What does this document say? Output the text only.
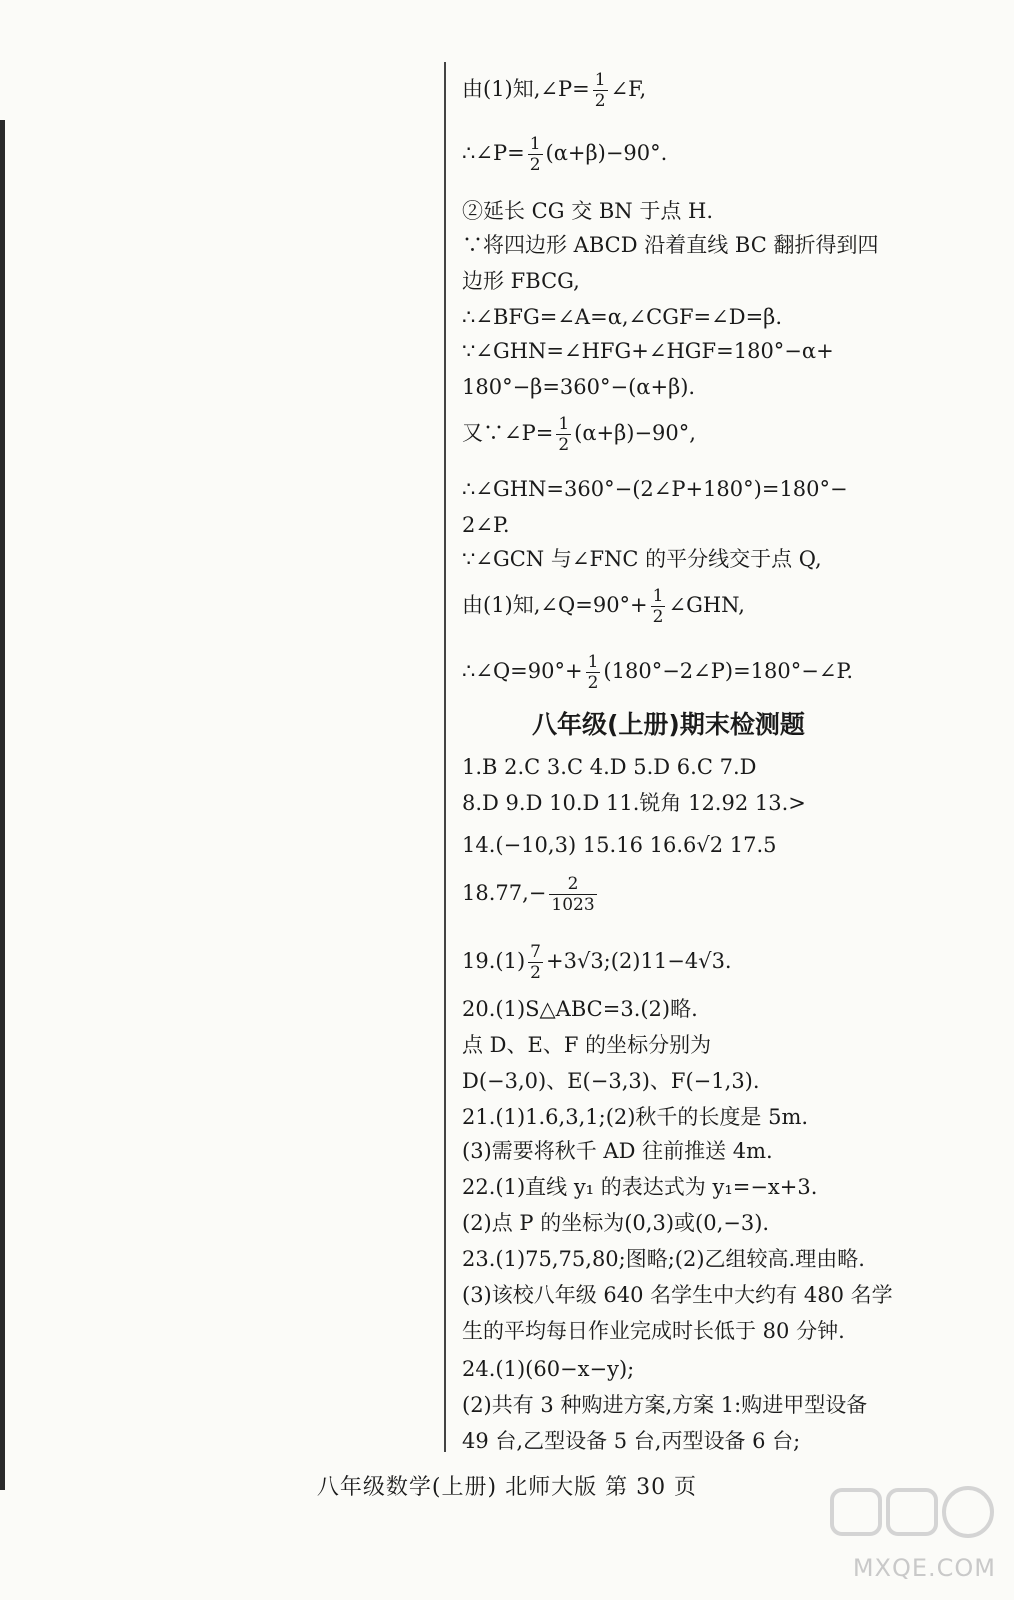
由(1)知,∠P= $\frac{1}{2}$ ∠F,
∴∠P= $\frac{1}{2} (\alpha+\beta)-90^\circ$.
②延长 CG 交 BN 于点 H.
∵将四边形 ABCD 沿着直线 BC 翻折得到四
边形 FBCG,
∴∠BFG=∠A=α,∠CGF=∠D=β.
∵∠GHN=∠HFG+∠HGF=180°−α+
180°−β=360°−(α+β).
又∵∠P= $\frac{1}{2} (\alpha+\beta)-90^\circ$,
∴∠GHN=360°−(2∠P+180°)=180°−
2∠P.
∵∠GCN 与∠FNC 的平分线交于点 Q,
由(1)知,∠Q=90°+ $\frac{1}{2}$ ∠GHN,
∴∠Q=90°+ $\frac{1}{2}$ (180°−2∠P)=180°−∠P.
八年级(上册)期末检测题
1.B 2.C 3.C 4.D 5.D 6.C 7.D
8.D 9.D 10.D 11.锐角 12.92 13.>
14.(−10,3) 15.16 16.6√2 17.5
$18.77,- \frac{2}{1023}$
$19.(1) \frac{7}{2}$ +3√3;(2)11−4√3.
20.(1)S△ABC=3.(2)略.
点 D、E、F 的坐标分别为
D(−3,0)、E(−3,3)、F(−1,3).
21.(1)1.6,3,1;(2)秋千的长度是 5m.
(3)需要将秋千 AD 往前推送 4m.
22.(1)直线 y₁ 的表达式为 y₁=−x+3.
(2)点 P 的坐标为(0,3)或(0,−3).
23.(1)75,75,80;图略;(2)乙组较高.理由略.
(3)该校八年级 640 名学生中大约有 480 名学
生的平均每日作业完成时长低于 80 分钟.
24.(1)(60−x−y);
(2)共有 3 种购进方案,方案 1:购进甲型设备
49 台,乙型设备 5 台,丙型设备 6 台;
八年级数学(上册) 北师大版 第 30 页
MXQE.COM
